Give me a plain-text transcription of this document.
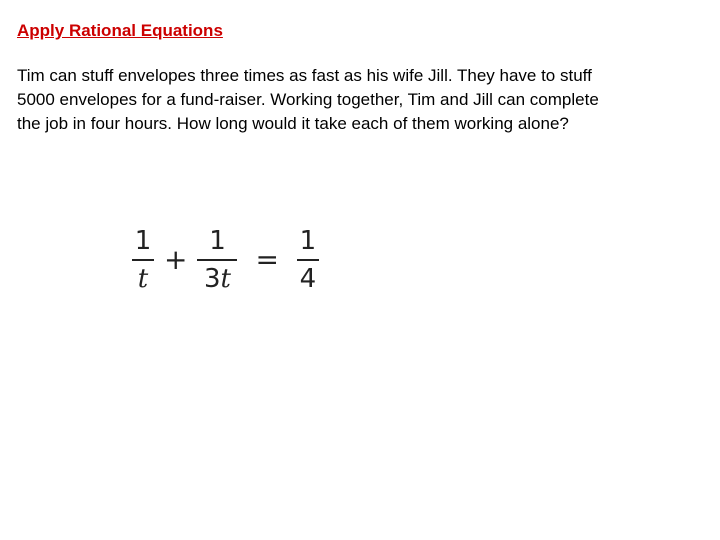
Apply Rational Equations
Tim can stuff envelopes three times as fast as his wife Jill. They have to stuff
5000 envelopes for a fund-raiser. Working together, Tim and Jill can complete
the job in four hours. How long would it take each of them working alone?
$\frac{1}{t} + \frac{1}{3t} = \frac{1}{4}$
